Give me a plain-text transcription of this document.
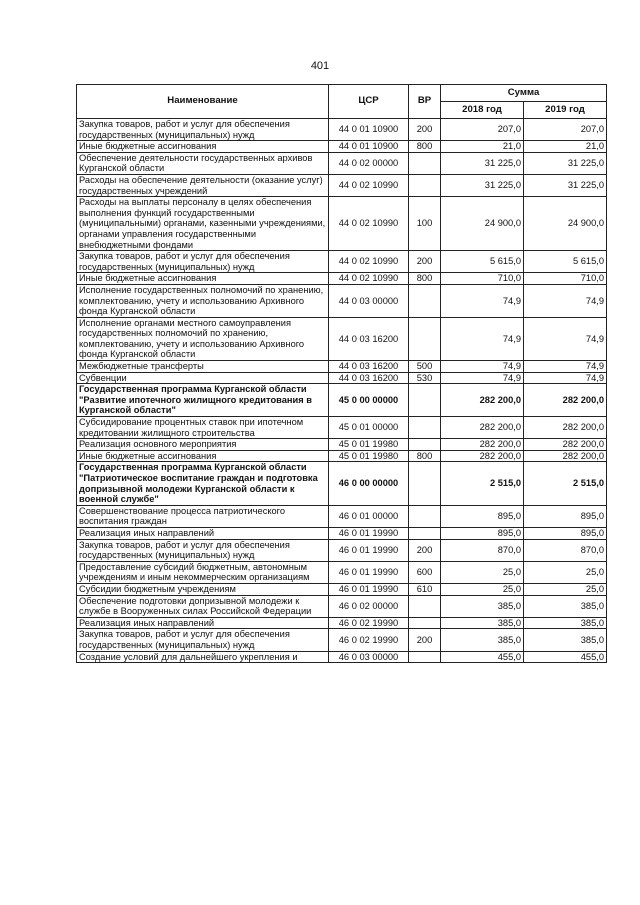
401
Наименование	ЦСР	ВР	Сумма	
			2018 год	2019 год
Закупка товаров, работ и услуг для обеспечения государственных (муниципальных) нужд	44 0 01 10900	200	207,0	207,0
Иные бюджетные ассигнования	44 0 01 10900	800	21,0	21,0
Обеспечение деятельности государственных архивов Курганской области	44 0 02 00000		31 225,0	31 225,0
Расходы на обеспечение деятельности (оказание услуг) государственных учреждений	44 0 02 10990		31 225,0	31 225,0
Расходы на выплаты персоналу в целях обеспечения выполнения функций государственными (муниципальными) органами, казенными учреждениями, органами управления государственными внебюджетными фондами	44 0 02 10990	100	24 900,0	24 900,0
Закупка товаров, работ и услуг для обеспечения государственных (муниципальных) нужд	44 0 02 10990	200	5 615,0	5 615,0
Иные бюджетные ассигнования	44 0 02 10990	800	710,0	710,0
Исполнение государственных полномочий по хранению, комплектованию, учету и использованию Архивного фонда Курганской области	44 0 03 00000		74,9	74,9
Исполнение органами местного самоуправления государственных полномочий по хранению, комплектованию, учету и использованию Архивного фонда Курганской области	44 0 03 16200		74,9	74,9
Межбюджетные трансферты	44 0 03 16200	500	74,9	74,9
Субвенции	44 0 03 16200	530	74,9	74,9
Государственная программа Курганской области "Развитие ипотечного жилищного кредитования в Курганской области"	45 0 00 00000		282 200,0	282 200,0
Субсидирование процентных ставок при ипотечном кредитовании жилищного строительства	45 0 01 00000		282 200,0	282 200,0
Реализация основного мероприятия	45 0 01 19980		282 200,0	282 200,0
Иные бюджетные ассигнования	45 0 01 19980	800	282 200,0	282 200,0
Государственная программа Курганской области "Патриотическое воспитание граждан и подготовка допризывной молодежи Курганской области к военной службе"	46 0 00 00000		2 515,0	2 515,0
Совершенствование процесса патриотического воспитания граждан	46 0 01 00000		895,0	895,0
Реализация иных направлений	46 0 01 19990		895,0	895,0
Закупка товаров, работ и услуг для обеспечения государственных (муниципальных) нужд	46 0 01 19990	200	870,0	870,0
Предоставление субсидий бюджетным, автономным учреждениям и иным некоммерческим организациям	46 0 01 19990	600	25,0	25,0
Субсидии бюджетным учреждениям	46 0 01 19990	610	25,0	25,0
Обеспечение подготовки допризывной молодежи к службе в Вооруженных силах Российской Федерации	46 0 02 00000		385,0	385,0
Реализация иных направлений	46 0 02 19990		385,0	385,0
Закупка товаров, работ и услуг для обеспечения государственных (муниципальных) нужд	46 0 02 19990	200	385,0	385,0
Создание условий для дальнейшего укрепления и	46 0 03 00000		455,0	455,0
